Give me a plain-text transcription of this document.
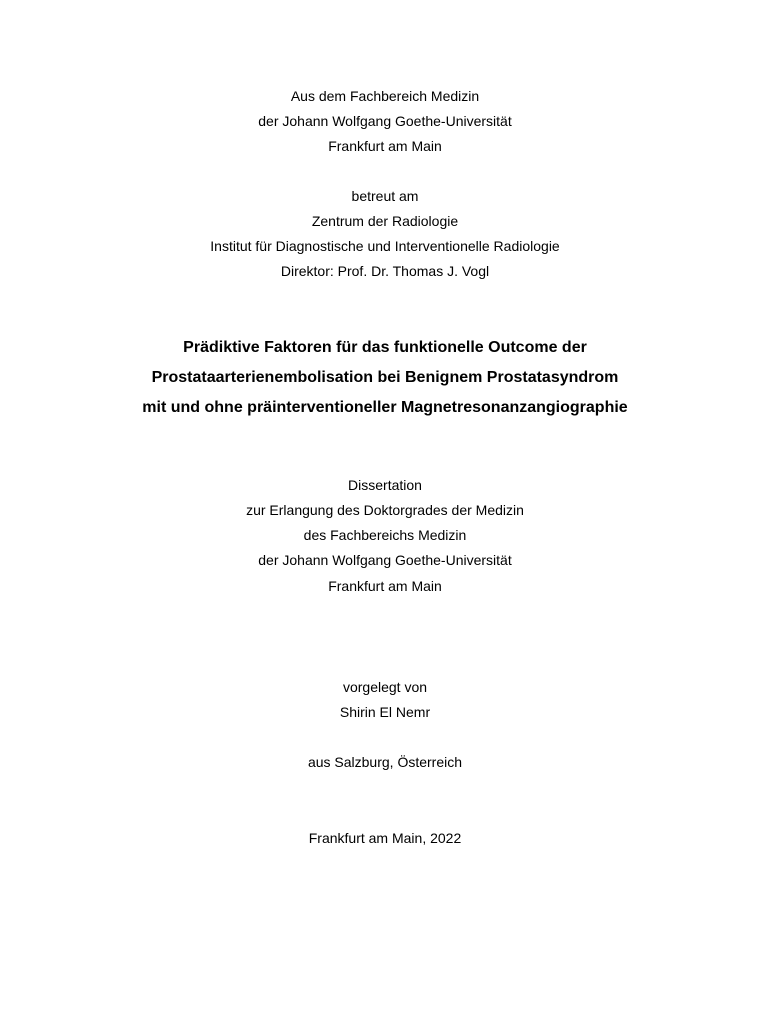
Aus dem Fachbereich Medizin
der Johann Wolfgang Goethe-Universität
Frankfurt am Main
betreut am
Zentrum der Radiologie
Institut für Diagnostische und Interventionelle Radiologie
Direktor: Prof. Dr. Thomas J. Vogl
Prädiktive Faktoren für das funktionelle Outcome der
Prostataarterienembolisation bei Benignem Prostatasyndrom
mit und ohne präinterventioneller Magnetresonanzangiographie
Dissertation
zur Erlangung des Doktorgrades der Medizin
des Fachbereichs Medizin
der Johann Wolfgang Goethe-Universität
Frankfurt am Main
vorgelegt von
Shirin El Nemr
aus Salzburg, Österreich
Frankfurt am Main, 2022
